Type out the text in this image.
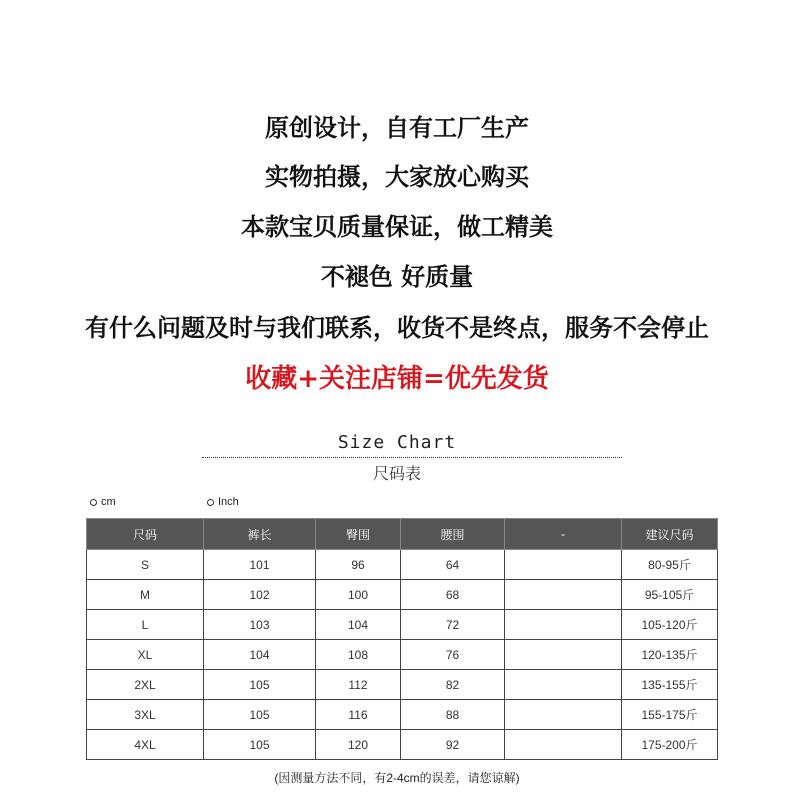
原创设计，自有工厂生产
实物拍摄，大家放心购买
本款宝贝质量保证，做工精美
不褪色 好质量
有什么问题及时与我们联系，收货不是终点，服务不会停止
收藏+关注店铺=优先发货
Size Chart
尺码表
cm	Inch
尺码	裤长	臀围	腰围	-	建议尺码
S	101	96	64		80-95斤
M	102	100	68		95-105斤
L	103	104	72		105-120斤
XL	104	108	76		120-135斤
2XL	105	112	82		135-155斤
3XL	105	116	88		155-175斤
4XL	105	120	92		175-200斤
(因测量方法不同，有2-4cm的误差，请您谅解)
